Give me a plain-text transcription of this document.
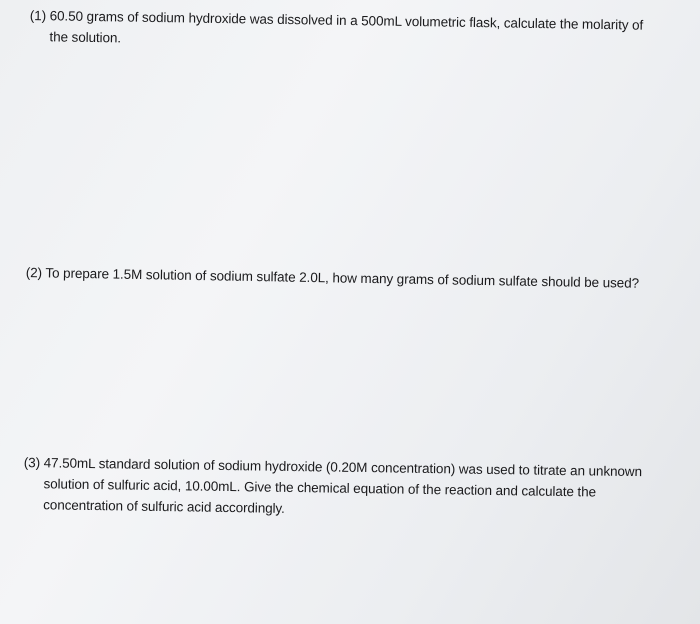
(1) 60.50 grams of sodium hydroxide was dissolved in a 500mL volumetric flask, calculate the molarity of
the solution.
(2) To prepare 1.5M solution of sodium sulfate 2.0L, how many grams of sodium sulfate should be used?
(3) 47.50mL standard solution of sodium hydroxide (0.20M concentration) was used to titrate an unknown
solution of sulfuric acid, 10.00mL. Give the chemical equation of the reaction and calculate the
concentration of sulfuric acid accordingly.
